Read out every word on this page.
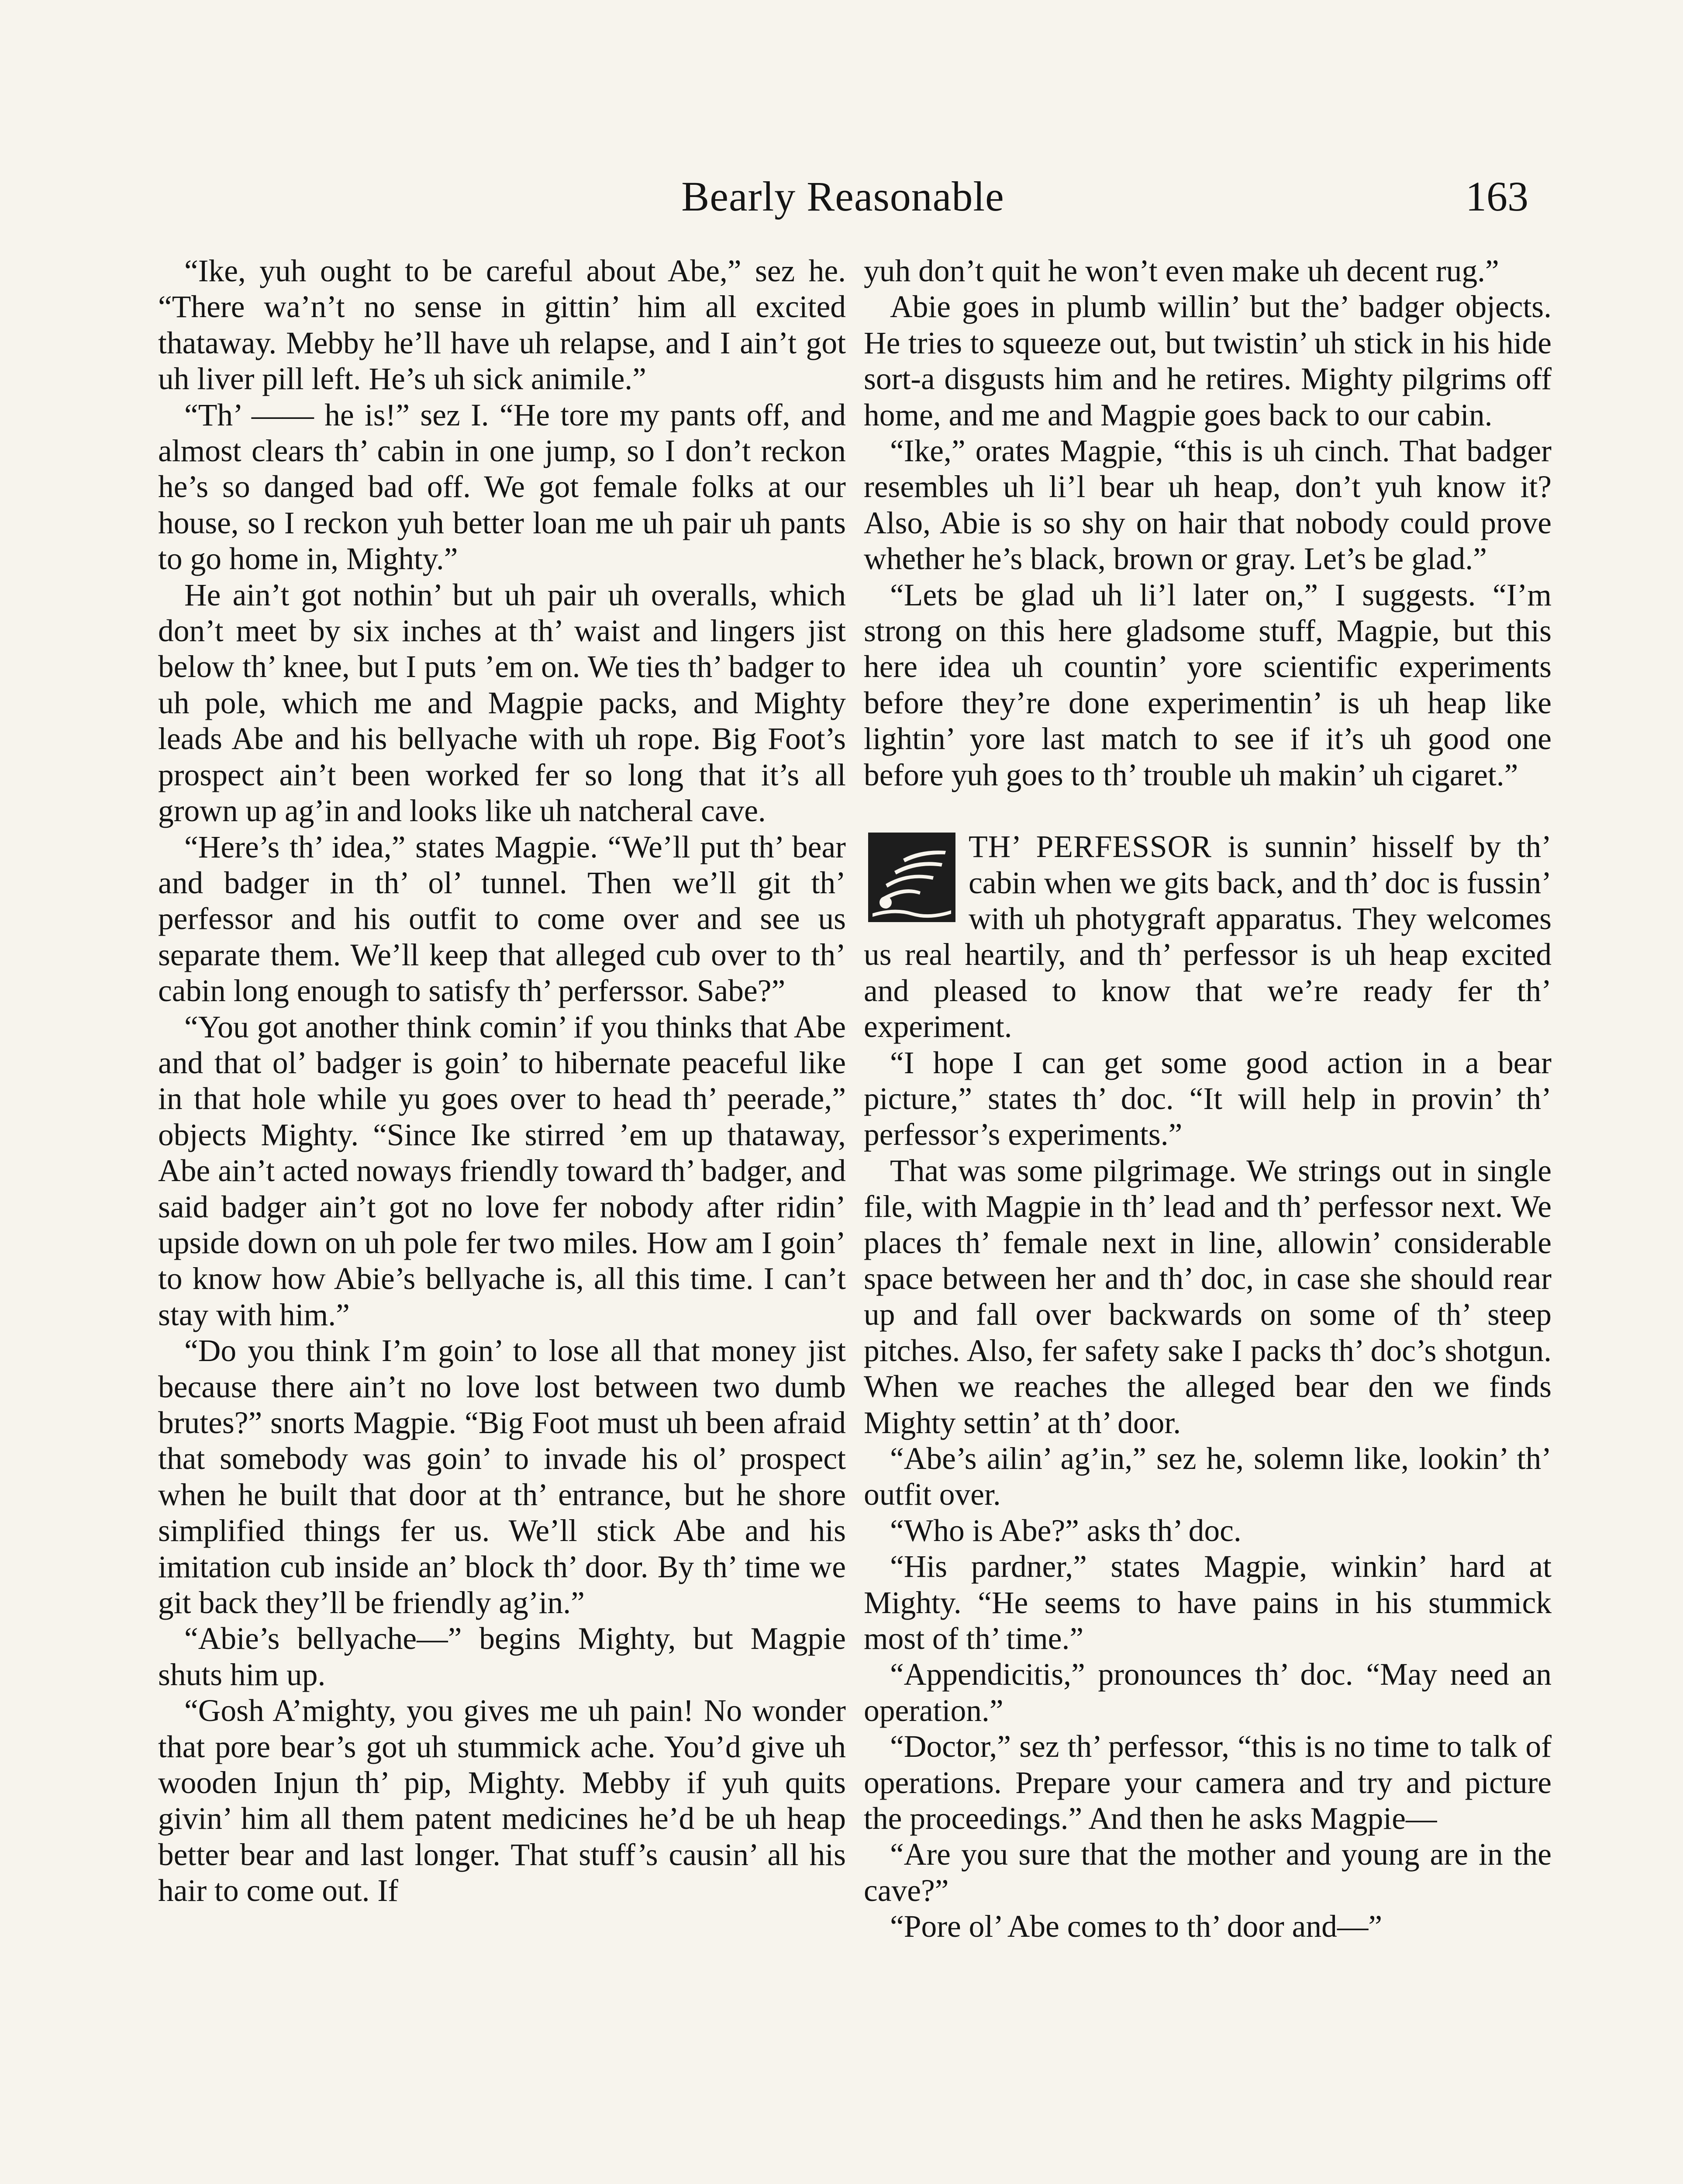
Bearly Reasonable	163

“Ike, yuh ought to be careful about Abe,” sez he. “There wa’n’t no sense in gittin’ him all excited thataway. Mebby he’ll have uh relapse, and I ain’t got uh liver pill left. He’s uh sick animile.”

“Th’ —— he is!” sez I. “He tore my pants off, and almost clears th’ cabin in one jump, so I don’t reckon he’s so danged bad off. We got female folks at our house, so I reckon yuh better loan me uh pair uh pants to go home in, Mighty.”

He ain’t got nothin’ but uh pair uh overalls, which don’t meet by six inches at th’ waist and lingers jist below th’ knee, but I puts ’em on. We ties th’ badger to uh pole, which me and Magpie packs, and Mighty leads Abe and his bellyache with uh rope. Big Foot’s prospect ain’t been worked fer so long that it’s all grown up ag’in and looks like uh natcheral cave.

“Here’s th’ idea,” states Magpie. “We’ll put th’ bear and badger in th’ ol’ tunnel. Then we’ll git th’ perfessor and his outfit to come over and see us separate them. We’ll keep that alleged cub over to th’ cabin long enough to satisfy th’ perferssor. Sabe?”

“You got another think comin’ if you thinks that Abe and that ol’ badger is goin’ to hibernate peaceful like in that hole while yu goes over to head th’ peerade,” objects Mighty. “Since Ike stirred ’em up thataway, Abe ain’t acted noways friendly toward th’ badger, and said badger ain’t got no love fer nobody after ridin’ upside down on uh pole fer two miles. How am I goin’ to know how Abie’s bellyache is, all this time. I can’t stay with him.”

“Do you think I’m goin’ to lose all that money jist because there ain’t no love lost between two dumb brutes?” snorts Magpie. “Big Foot must uh been afraid that somebody was goin’ to invade his ol’ prospect when he built that door at th’ entrance, but he shore simplified things fer us. We’ll stick Abe and his imitation cub inside an’ block th’ door. By th’ time we git back they’ll be friendly ag’in.”

“Abie’s bellyache—” begins Mighty, but Magpie shuts him up.

“Gosh A’mighty, you gives me uh pain! No wonder that pore bear’s got uh stummick ache. You’d give uh wooden Injun th’ pip, Mighty. Mebby if yuh quits givin’ him all them patent medicines he’d be uh heap better bear and last longer. That stuff’s causin’ all his hair to come out. If

yuh don’t quit he won’t even make uh decent rug.”

Abie goes in plumb willin’ but the’ badger objects. He tries to squeeze out, but twistin’ uh stick in his hide sort-a disgusts him and he retires. Mighty pilgrims off home, and me and Magpie goes back to our cabin.

“Ike,” orates Magpie, “this is uh cinch. That badger resembles uh li’l bear uh heap, don’t yuh know it? Also, Abie is so shy on hair that nobody could prove whether he’s black, brown or gray. Let’s be glad.”

“Lets be glad uh li’l later on,” I suggests. “I’m strong on this here gladsome stuff, Magpie, but this here idea uh countin’ yore scientific experiments before they’re done experimentin’ is uh heap like lightin’ yore last match to see if it’s uh good one before yuh goes to th’ trouble uh makin’ uh cigaret.”

TH’ PERFESSOR is sunnin’ hisself by th’ cabin when we gits back, and th’ doc is fussin’ with uh photygraft apparatus. They welcomes us real heartily, and th’ perfessor is uh heap excited and pleased to know that we’re ready fer th’ experiment.

“I hope I can get some good action in a bear picture,” states th’ doc. “It will help in provin’ th’ perfessor’s experiments.”

That was some pilgrimage. We strings out in single file, with Magpie in th’ lead and th’ perfessor next. We places th’ female next in line, allowin’ considerable space between her and th’ doc, in case she should rear up and fall over backwards on some of th’ steep pitches. Also, fer safety sake I packs th’ doc’s shotgun. When we reaches the alleged bear den we finds Mighty settin’ at th’ door.

“Abe’s ailin’ ag’in,” sez he, solemn like, lookin’ th’ outfit over.

“Who is Abe?” asks th’ doc.

“His pardner,” states Magpie, winkin’ hard at Mighty. “He seems to have pains in his stummick most of th’ time.”

“Appendicitis,” pronounces th’ doc. “May need an operation.”

“Doctor,” sez th’ perfessor, “this is no time to talk of operations. Prepare your camera and try and picture the proceedings.” And then he asks Magpie—

“Are you sure that the mother and young are in the cave?”

“Pore ol’ Abe comes to th’ door and—”
